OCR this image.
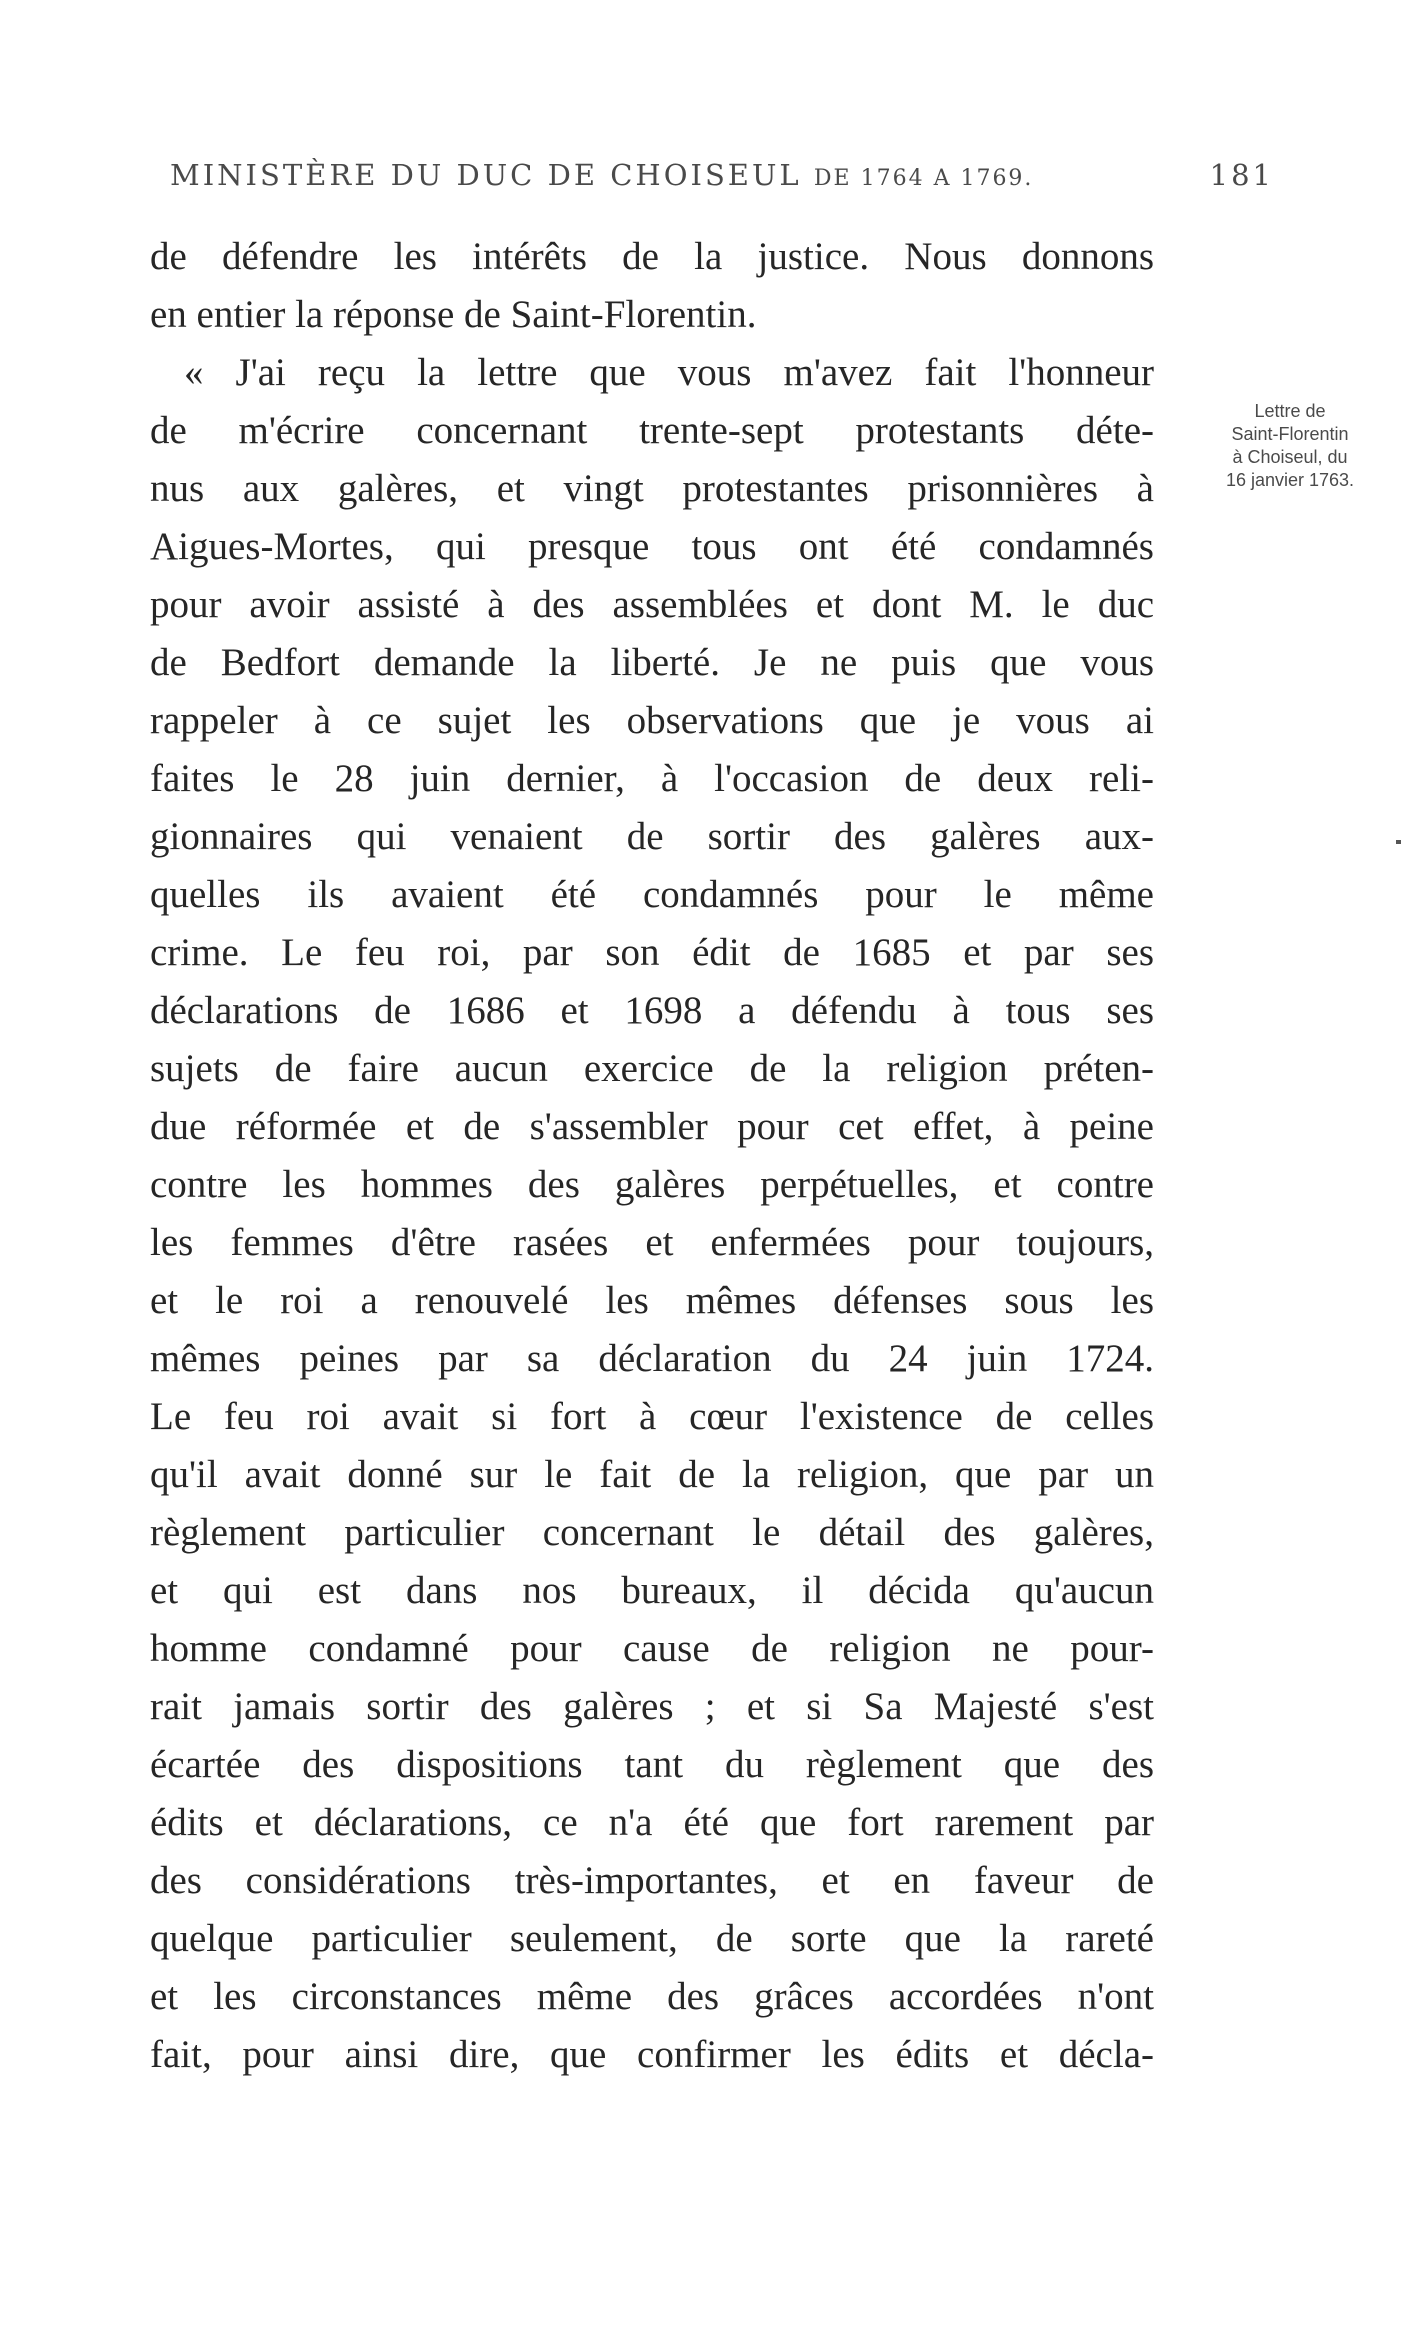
MINISTÈRE DU DUC DE CHOISEUL DE 1764 A 1769.	181
de défendre les intérêts de la justice. Nous donnons
en entier la réponse de Saint-Florentin.
« J'ai reçu la lettre que vous m'avez fait l'honneur
de m'écrire concernant trente-sept protestants déte-
nus aux galères, et vingt protestantes prisonnières à
Aigues-Mortes, qui presque tous ont été condamnés
pour avoir assisté à des assemblées et dont M. le duc
de Bedfort demande la liberté. Je ne puis que vous
rappeler à ce sujet les observations que je vous ai
faites le 28 juin dernier, à l'occasion de deux reli-
gionnaires qui venaient de sortir des galères aux-
quelles ils avaient été condamnés pour le même
crime. Le feu roi, par son édit de 1685 et par ses
déclarations de 1686 et 1698 a défendu à tous ses
sujets de faire aucun exercice de la religion préten-
due réformée et de s'assembler pour cet effet, à peine
contre les hommes des galères perpétuelles, et contre
les femmes d'être rasées et enfermées pour toujours,
et le roi a renouvelé les mêmes défenses sous les
mêmes peines par sa déclaration du 24 juin 1724.
Le feu roi avait si fort à cœur l'existence de celles
qu'il avait donné sur le fait de la religion, que par un
règlement particulier concernant le détail des galères,
et qui est dans nos bureaux, il décida qu'aucun
homme condamné pour cause de religion ne pour-
rait jamais sortir des galères ; et si Sa Majesté s'est
écartée des dispositions tant du règlement que des
édits et déclarations, ce n'a été que fort rarement par
des considérations très-importantes, et en faveur de
quelque particulier seulement, de sorte que la rareté
et les circonstances même des grâces accordées n'ont
fait, pour ainsi dire, que confirmer les édits et décla-
Lettre de
Saint-Florentin
à Choiseul, du
16 janvier 1763.
